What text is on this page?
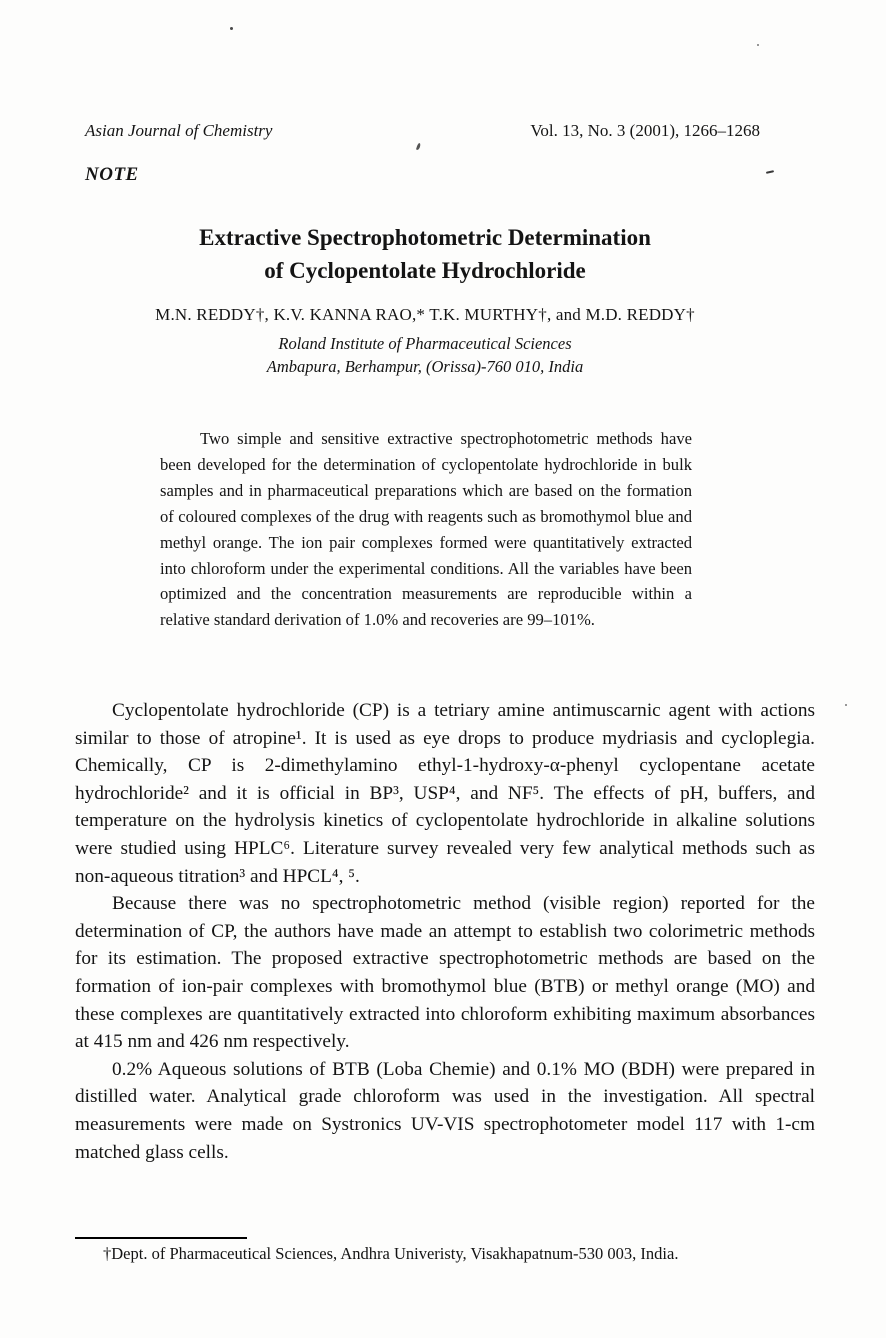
Asian Journal of Chemistry	Vol. 13, No. 3 (2001), 1266–1268
NOTE
Extractive Spectrophotometric Determination
of Cyclopentolate Hydrochloride
M.N. REDDY†, K.V. KANNA RAO,* T.K. MURTHY†, and M.D. REDDY†
Roland Institute of Pharmaceutical Sciences
Ambapura, Berhampur, (Orissa)-760 010, India
Two simple and sensitive extractive spectrophotometric methods have been developed for the determination of cyclopentolate hydrochloride in bulk samples and in pharmaceutical preparations which are based on the formation of coloured complexes of the drug with reagents such as bromothymol blue and methyl orange. The ion pair complexes formed were quantitatively extracted into chloroform under the experimental conditions. All the variables have been optimized and the concentration measurements are reproducible within a relative standard derivation of 1.0% and recoveries are 99–101%.

Cyclopentolate hydrochloride (CP) is a tetriary amine antimuscarnic agent with actions similar to those of atropine¹. It is used as eye drops to produce mydriasis and cycloplegia. Chemically, CP is 2-dimethylamino ethyl-1-hydroxy-α-phenyl cyclopentane acetate hydrochloride² and it is official in BP³, USP⁴, and NF⁵. The effects of pH, buffers, and temperature on the hydrolysis kinetics of cyclopentolate hydrochloride in alkaline solutions were studied using HPLC⁶. Literature survey revealed very few analytical methods such as non-aqueous titration³ and HPCL⁴, ⁵.

Because there was no spectrophotometric method (visible region) reported for the determination of CP, the authors have made an attempt to establish two colorimetric methods for its estimation. The proposed extractive spectrophotometric methods are based on the formation of ion-pair complexes with bromothymol blue (BTB) or methyl orange (MO) and these complexes are quantitatively extracted into chloroform exhibiting maximum absorbances at 415 nm and 426 nm respectively.

0.2% Aqueous solutions of BTB (Loba Chemie) and 0.1% MO (BDH) were prepared in distilled water. Analytical grade chloroform was used in the investigation. All spectral measurements were made on Systronics UV-VIS spectrophotometer model 117 with 1-cm matched glass cells.

†Dept. of Pharmaceutical Sciences, Andhra Univeristy, Visakhapatnum-530 003, India.
